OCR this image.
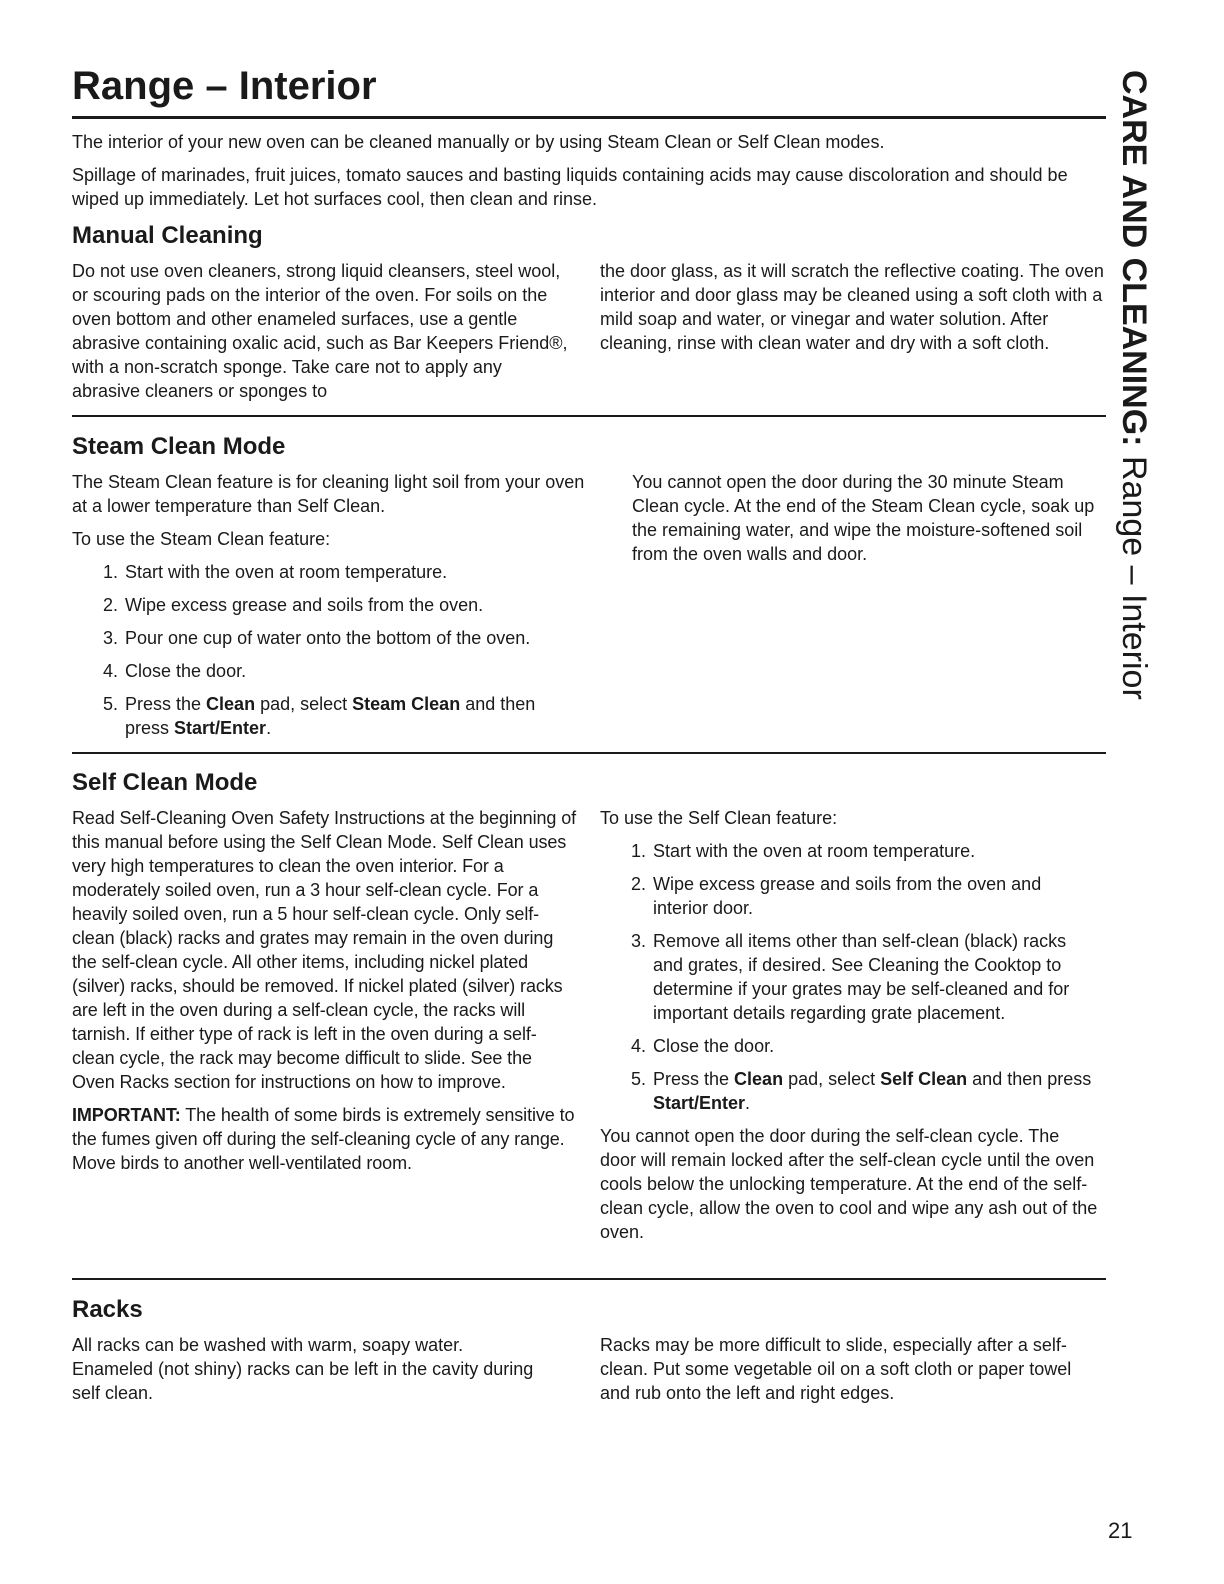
Range – Interior

The interior of your new oven can be cleaned manually or by using Steam Clean or Self Clean modes.

Spillage of marinades, fruit juices, tomato sauces and basting liquids containing acids may cause discoloration and should be wiped up immediately. Let hot surfaces cool, then clean and rinse.

Manual Cleaning

Do not use oven cleaners, strong liquid cleansers, steel wool, or scouring pads on the interior of the oven. For soils on the oven bottom and other enameled surfaces, use a gentle abrasive containing oxalic acid, such as Bar Keepers Friend®, with a non-scratch sponge. Take care not to apply any abrasive cleaners or sponges to

the door glass, as it will scratch the reflective coating. The oven interior and door glass may be cleaned using a soft cloth with a mild soap and water, or vinegar and water solution. After cleaning, rinse with clean water and dry with a soft cloth.

Steam Clean Mode

The Steam Clean feature is for cleaning light soil from your oven at a lower temperature than Self Clean.

To use the Steam Clean feature:

1. Start with the oven at room temperature.
2. Wipe excess grease and soils from the oven.
3. Pour one cup of water onto the bottom of the oven.
4. Close the door.
5. Press the Clean pad, select Steam Clean and then press Start/Enter.

You cannot open the door during the 30 minute Steam Clean cycle. At the end of the Steam Clean cycle, soak up the remaining water, and wipe the moisture-softened soil from the oven walls and door.

Self Clean Mode

Read Self-Cleaning Oven Safety Instructions at the beginning of this manual before using the Self Clean Mode. Self Clean uses very high temperatures to clean the oven interior. For a moderately soiled oven, run a 3 hour self-clean cycle. For a heavily soiled oven, run a 5 hour self-clean cycle. Only self-clean (black) racks and grates may remain in the oven during the self-clean cycle. All other items, including nickel plated (silver) racks, should be removed. If nickel plated (silver) racks are left in the oven during a self-clean cycle, the racks will tarnish. If either type of rack is left in the oven during a self-clean cycle, the rack may become difficult to slide. See the Oven Racks section for instructions on how to improve.

IMPORTANT: The health of some birds is extremely sensitive to the fumes given off during the self-cleaning cycle of any range. Move birds to another well-ventilated room.

To use the Self Clean feature:

1. Start with the oven at room temperature.
2. Wipe excess grease and soils from the oven and interior door.
3. Remove all items other than self-clean (black) racks and grates, if desired. See Cleaning the Cooktop to determine if your grates may be self-cleaned and for important details regarding grate placement.
4. Close the door.
5. Press the Clean pad, select Self Clean and then press Start/Enter.

You cannot open the door during the self-clean cycle. The door will remain locked after the self-clean cycle until the oven cools below the unlocking temperature. At the end of the self-clean cycle, allow the oven to cool and wipe any ash out of the oven.

Racks

All racks can be washed with warm, soapy water. Enameled (not shiny) racks can be left in the cavity during self clean.

Racks may be more difficult to slide, especially after a self-clean. Put some vegetable oil on a soft cloth or paper towel and rub onto the left and right edges.

CARE AND CLEANING: Range – Interior
21
